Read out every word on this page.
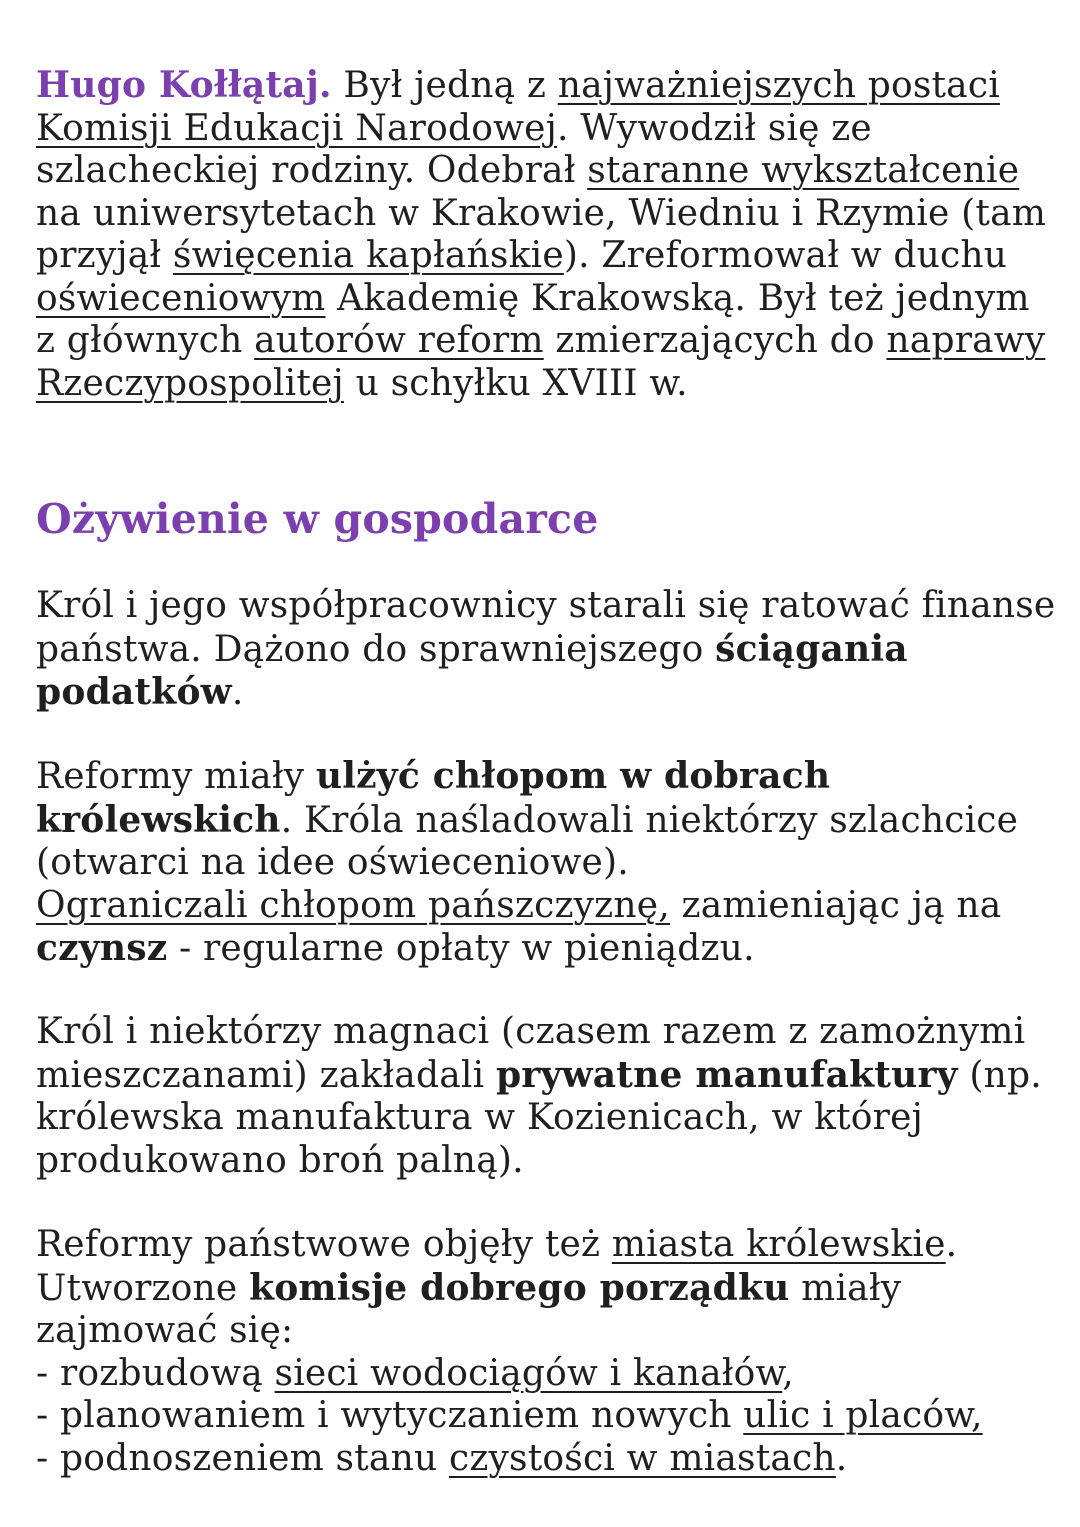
Hugo Kołłątaj. Był jedną z najważniejszych postaci Komisji Edukacji Narodowej. Wywodził się ze szlacheckiej rodziny. Odebrał staranne wykształcenie na uniwersytetach w Krakowie, Wiedniu i Rzymie (tam przyjął święcenia kapłańskie). Zreformował w duchu oświeceniowym Akademię Krakowską. Był też jednym z głównych autorów reform zmierzających do naprawy Rzeczypospolitej u schyłku XVIII w.

Ożywienie w gospodarce

Król i jego współpracownicy starali się ratować finanse państwa. Dążono do sprawniejszego ściągania podatków.

Reformy miały ulżyć chłopom w dobrach królewskich. Króla naśladowali niektórzy szlachcice (otwarci na idee oświeceniowe).
Ograniczali chłopom pańszczyznę, zamieniając ją na czynsz - regularne opłaty w pieniądzu.

Król i niektórzy magnaci (czasem razem z zamożnymi mieszczanami) zakładali prywatne manufaktury (np. królewska manufaktura w Kozienicach, w której produkowano broń palną).

Reformy państwowe objęły też miasta królewskie. Utworzone komisje dobrego porządku miały zajmować się:

- rozbudową sieci wodociągów i kanałów,
- planowaniem i wytyczaniem nowych ulic i placów,
- podnoszeniem stanu czystości w miastach.
